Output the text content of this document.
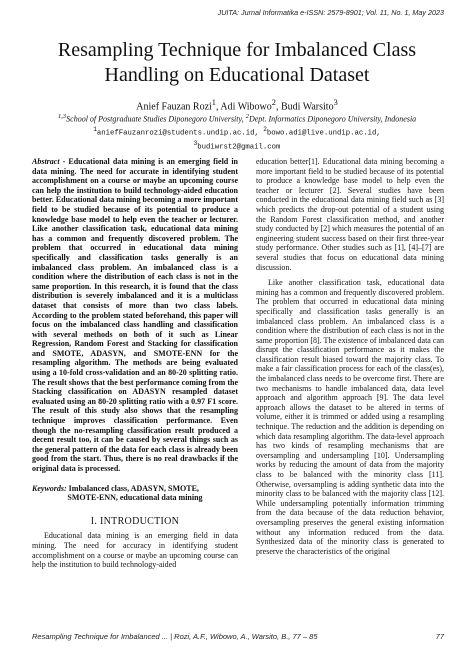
JUITA: Jurnal Informatika e-ISSN: 2579-8901; Vol. 11, No. 1, May 2023
Resampling Technique for Imbalanced Class
Handling on Educational Dataset
Anief Fauzan Rozi$^1$, Adi Wibowo$^2$, Budi Warsito$^3$
$^{1,3}$School of Postgraduate Studies Diponegoro University, $^2$Dept. Informatics Diponegoro University, Indonesia
$^1$aniefFauzanrozi@students.undip.ac.id, $^2$bowo.adi@live.undip.ac.id,
$^3$budiwrst2@gmail.com
Abstract - Educational data mining is an emerging field in data mining. The need for accurate in identifying student accomplishment on a course or maybe an upcoming course can help the institution to build technology-aided education better. Educational data mining becoming a more important field to be studied because of its potential to produce a knowledge base model to help even the teacher or lecturer. Like another classification task, educational data mining has a common and frequently discovered problem. The problem that occurred in educational data mining specifically and classification tasks generally is an imbalanced class problem. An imbalanced class is a condition where the distribution of each class is not in the same proportion. In this research, it is found that the class distribution is severely imbalanced and it is a multiclass dataset that consists of more than two class labels. According to the problem stated beforehand, this paper will focus on the imbalanced class handling and classification with several methods on both of it such as Linear Regression, Random Forest and Stacking for classification and SMOTE, ADASYN, and SMOTE-ENN for the resampling algorithm. The methods are being evaluated using a 10-fold cross-validation and an 80-20 splitting ratio. The result shows that the best performance coming from the Stacking classification on ADASYN resampled dataset evaluated using an 80-20 splitting ratio with a 0.97 F1 score. The result of this study also shows that the resampling technique improves classification performance. Even though the no-resampling classification result produced a decent result too, it can be caused by several things such as the general pattern of the data for each class is already been good from the start. Thus, there is no real drawbacks if the original data is processed.
Keywords: Imbalanced class, ADASYN, SMOTE,
SMOTE-ENN, educational data mining
I. INTRODUCTION

Educational data mining is an emerging field in data mining. The need for accuracy in identifying student accomplishment on a course or maybe an upcoming course can help the institution to build technology-aided

education better[1]. Educational data mining becoming a more important field to be studied because of its potential to produce a knowledge base model to help even the teacher or lecturer [2]. Several studies have been conducted in the educational data mining field such as [3] which predicts the drop-out potential of a student using the Random Forest classification method, and another study conducted by [2] which measures the potential of an engineering student success based on their first three-year study performance. Other studies such as [1], [4]–[7] are several studies that focus on educational data mining discussion.

Like another classification task, educational data mining has a common and frequently discovered problem. The problem that occurred in educational data mining specifically and classification tasks generally is an imbalanced class problem. An imbalanced class is a condition where the distribution of each class is not in the same proportion [8]. The existence of imbalanced data can disrupt the classification performance as it makes the classification result biased toward the majority class. To make a fair classification process for each of the class(es), the imbalanced class needs to be overcome first. There are two mechanisms to handle imbalanced data, data level approach and algorithm approach [9]. The data level approach allows the dataset to be altered in terms of volume, either it is trimmed or added using a resampling technique. The reduction and the addition is depending on which data resampling algorithm. The data-level approach has two kinds of resampling mechanisms that are oversampling and undersampling [10]. Undersampling works by reducing the amount of data from the majority class to be balanced with the minority class [11]. Otherwise, oversampling is adding synthetic data into the minority class to be balanced with the majority class [12]. While undersampling potentially information trimming from the data because of the data reduction behavior, oversampling preserves the general existing information without any information reduced from the data. Synthesized data of the minority class is generated to preserve the characteristics of the original

Resampling Technique for Imbalanced ... | Rozi, A.F., Wibowo, A., Warsito, B., 77 – 85	77
